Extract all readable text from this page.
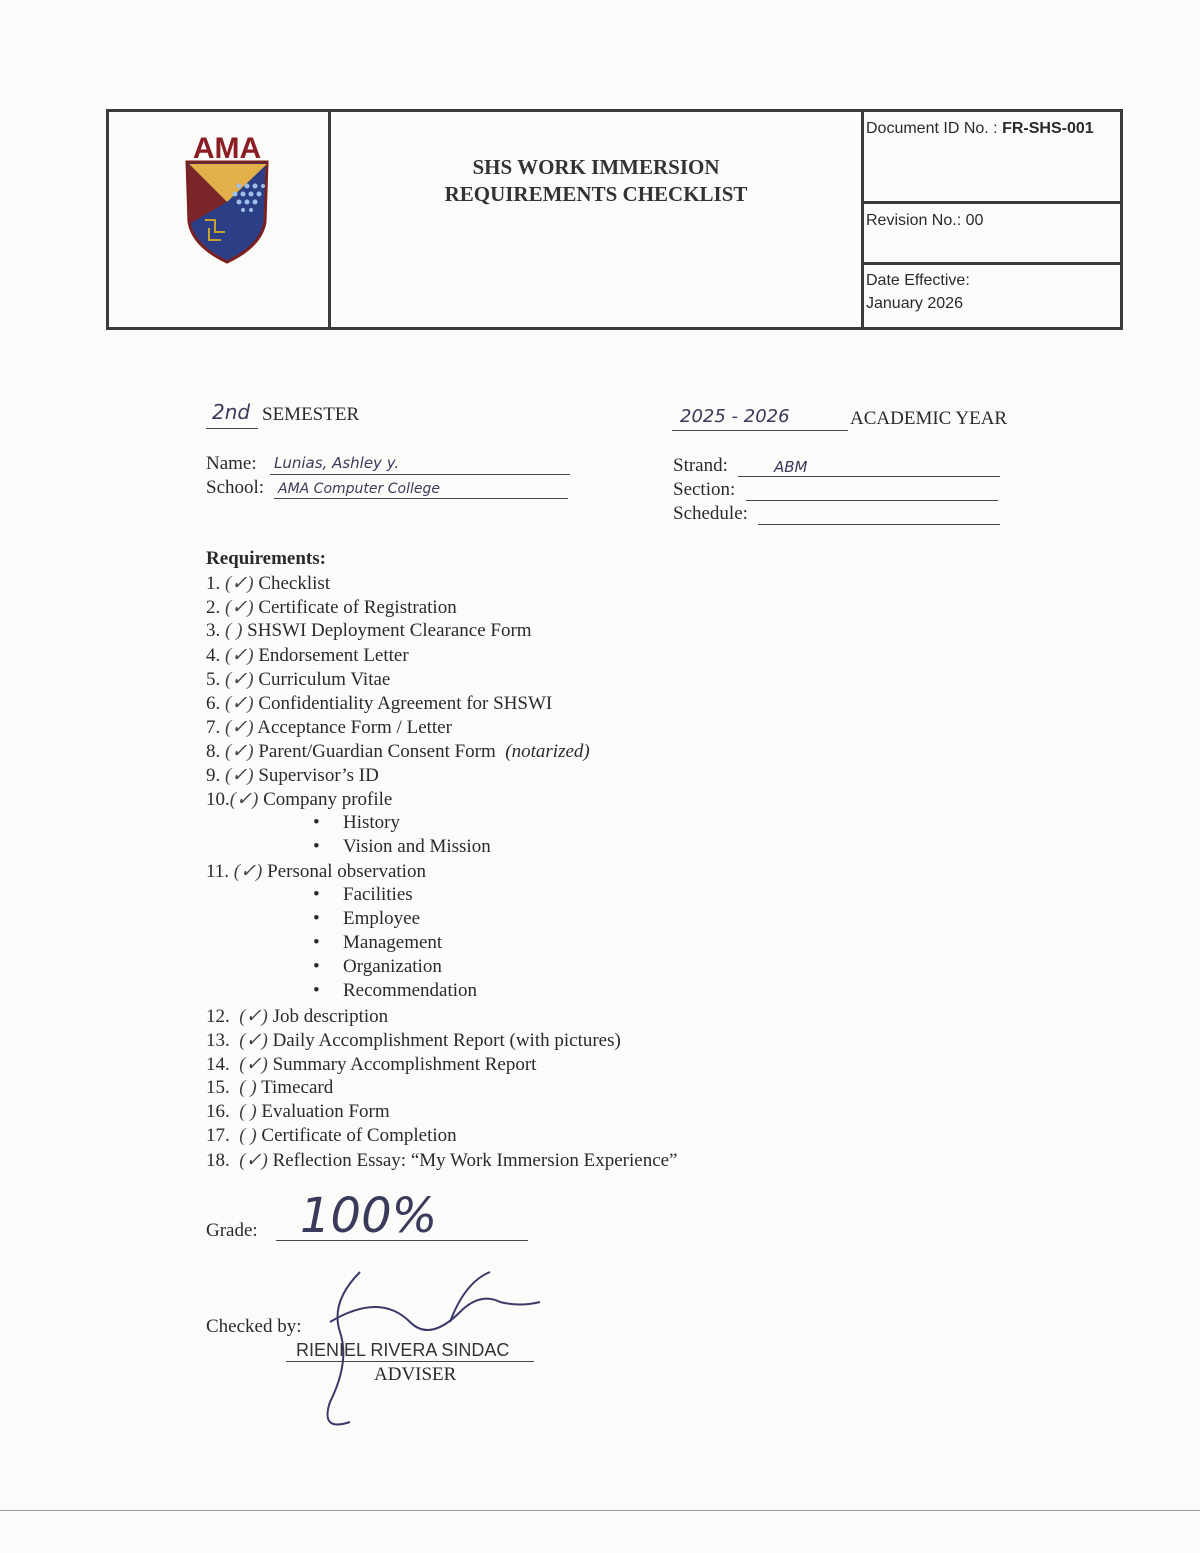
AMA
SHS WORK IMMERSION
REQUIREMENTS CHECKLIST
Document ID No. : FR-SHS-001
Revision No.: 00
Date Effective:
January 2026
2nd SEMESTER	2025 - 2026	ACADEMIC YEAR
Name: Lunias, Ashley y.
School: AMA Computer College
Strand:	ABM
Section:
Schedule:
Requirements:
1. (✓) Checklist
2. (✓) Certificate of Registration
3. ( ) SHSWI Deployment Clearance Form
4. (✓) Endorsement Letter
5. (✓) Curriculum Vitae
6. (✓) Confidentiality Agreement for SHSWI
7. (✓) Acceptance Form / Letter
8. (✓) Parent/Guardian Consent Form (notarized)
9. (✓) Supervisor’s ID
10.(✓) Company profile
• History
• Vision and Mission
11. (✓) Personal observation
• Facilities
• Employee
• Management
• Organization
• Recommendation
12. (✓) Job description
13. (✓) Daily Accomplishment Report (with pictures)
14. (✓) Summary Accomplishment Report
15. ( ) Timecard
16. ( ) Evaluation Form
17. ( ) Certificate of Completion
18. (✓) Reflection Essay: “My Work Immersion Experience”
Grade: 100%
Checked by:
RIENIEL RIVERA SINDAC
ADVISER
